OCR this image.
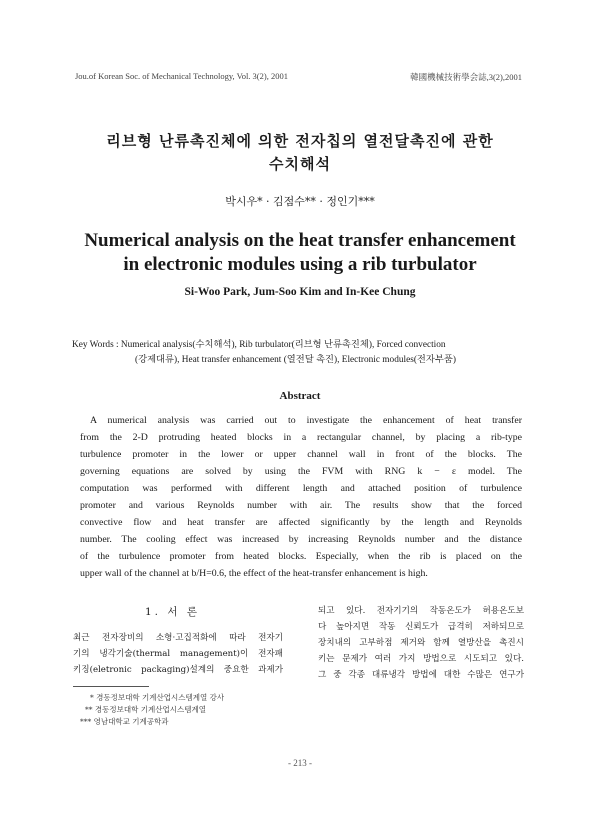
Jou.of Korean Soc. of Mechanical Technology, Vol. 3(2), 2001	韓國機械技術學会誌,3(2),2001
리브형 난류촉진체에 의한 전자칩의 열전달촉진에 관한
수치해석
박시우* · 김점수** · 정인기***
Numerical analysis on the heat transfer enhancement
in electronic modules using a rib turbulator
Si-Woo Park, Jum-Soo Kim and In-Kee Chung
Key Words : Numerical analysis(수치해석), Rib turbulator(리브형 난류촉진체), Forced convection
(강제대류), Heat transfer enhancement (열전달 촉진), Electronic modules(전자부품)
Abstract
A numerical analysis was carried out to investigate the enhancement of heat transfer
from the 2-D protruding heated blocks in a rectangular channel, by placing a rib-type
turbulence promoter in the lower or upper channel wall in front of the blocks. The
governing equations are solved by using the FVM with RNG k − ε model. The
computation was performed with different length and attached position of turbulence
promoter and various Reynolds number with air. The results show that the forced
convective flow and heat transfer are affected significantly by the length and Reynolds
number. The cooling effect was increased by increasing Reynolds number and the distance
of the turbulence promoter from heated blocks. Especially, when the rib is placed on the
upper wall of the channel at b/H=0.6, the effect of the heat-transfer enhancement is high.
1. 서 론
최근 전자장비의 소형·고집적화에 따라 전자기
기의 냉각기술(thermal management)이 전자패
키징(eletronic packaging)설계의 중요한 과제가
되고 있다. 전자기기의 작동온도가 허용온도보
다 높아지면 작동 신뢰도가 급격히 저하되므로
장치내의 고부하점 제거와 함께 열방산을 촉진시
키는 문제가 여러 가지 방법으로 시도되고 있다.
그 중 각종 대류냉각 방법에 대한 수많은 연구가
* 경동정보대학 기계산업시스템계열 강사
** 경동정보대학 기계산업시스템계열
*** 영남대학교 기계공학과
- 213 -
